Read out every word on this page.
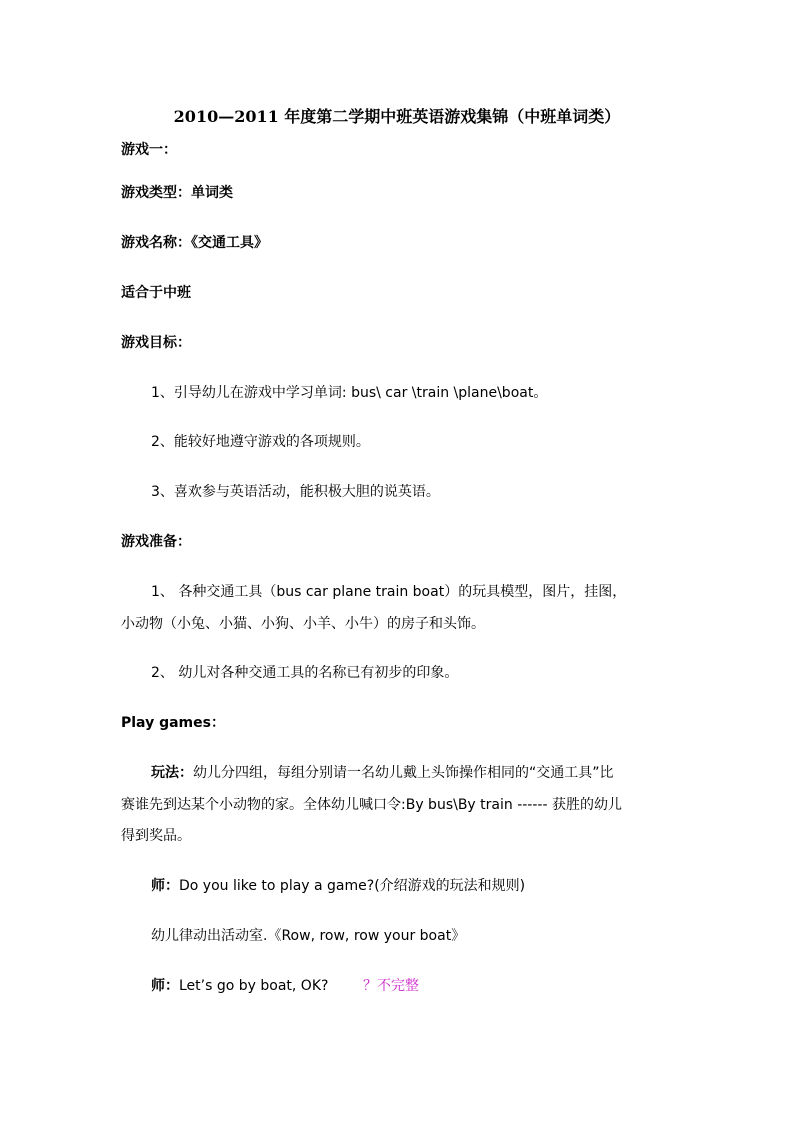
2010—2011 年度第二学期中班英语游戏集锦（中班单词类）
游戏一：
游戏类型：单词类
游戏名称：《交通工具》
适合于中班
游戏目标：
1、引导幼儿在游戏中学习单词: bus\ car \train \plane\boat。
2、能较好地遵守游戏的各项规则。
3、喜欢参与英语活动，能积极大胆的说英语。
游戏准备：
1、 各种交通工具（bus car plane train boat）的玩具模型，图片，挂图，
小动物（小兔、小猫、小狗、小羊、小牛）的房子和头饰。
2、 幼儿对各种交通工具的名称已有初步的印象。
Play games：
玩法：幼儿分四组，每组分别请一名幼儿戴上头饰操作相同的“交通工具”比
赛谁先到达某个小动物的家。全体幼儿喊口令:By bus\By train ------ 获胜的幼儿
得到奖品。
师：Do you like to play a game?(介绍游戏的玩法和规则)
幼儿律动出活动室.《Row, row, row your boat》
师：Let’s go by boat, OK? ？不完整
